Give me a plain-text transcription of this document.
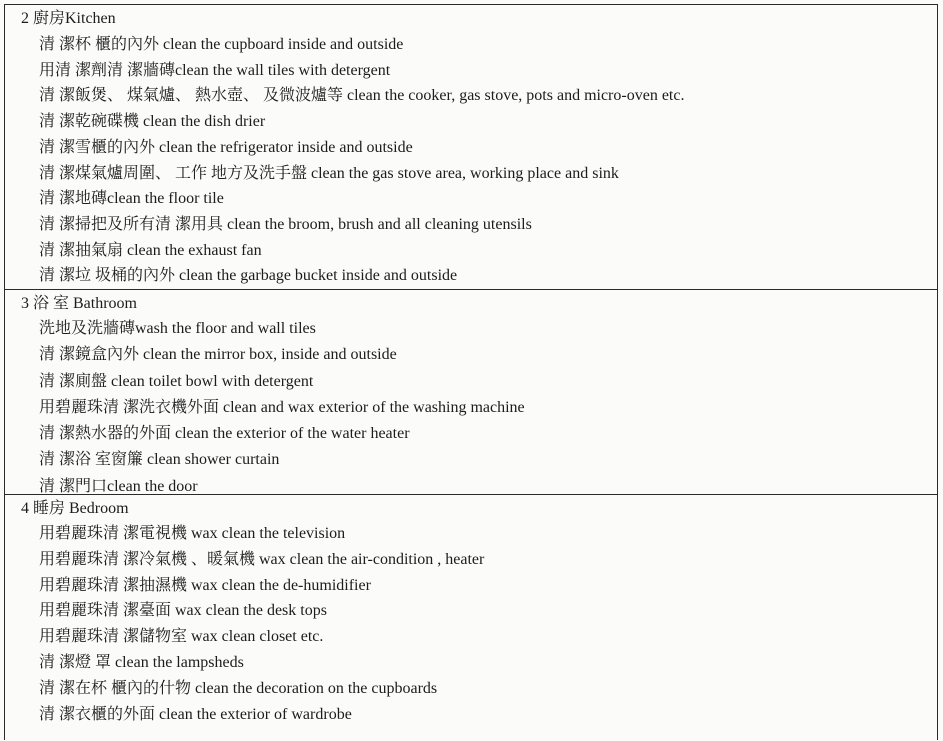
2 廚房Kitchen
清 潔杯 櫃的內外 clean the cupboard inside and outside
用清 潔劑清 潔牆磚clean the wall tiles with detergent
清 潔飯煲、 煤氣爐、 熱水壺、 及微波爐等 clean the cooker, gas stove, pots and micro-oven etc.
清 潔乾碗碟機 clean the dish drier
清 潔雪櫃的內外 clean the refrigerator inside and outside
清 潔煤氣爐周圍、 工作 地方及洗手盤 clean the gas stove area, working place and sink
清 潔地磚clean the floor tile
清 潔掃把及所有清 潔用具 clean the broom, brush and all cleaning utensils
清 潔抽氣扇 clean the exhaust fan
清 潔垃 圾桶的內外 clean the garbage bucket inside and outside
3 浴 室 Bathroom
洗地及洗牆磚wash the floor and wall tiles
清 潔鏡盒內外 clean the mirror box, inside and outside
清 潔廁盤 clean toilet bowl with detergent
用碧麗珠清 潔洗衣機外面 clean and wax exterior of the washing machine
清 潔熱水器的外面 clean the exterior of the water heater
清 潔浴 室窗簾 clean shower curtain
清 潔門口clean the door
4 睡房 Bedroom
用碧麗珠清 潔電視機 wax clean the television
用碧麗珠清 潔冷氣機 、暖氣機 wax clean the air-condition , heater
用碧麗珠清 潔抽濕機 wax clean the de-humidifier
用碧麗珠清 潔臺面 wax clean the desk tops
用碧麗珠清 潔儲物室 wax clean closet etc.
清 潔燈 罩 clean the lampsheds
清 潔在杯 櫃內的什物 clean the decoration on the cupboards
清 潔衣櫃的外面 clean the exterior of wardrobe
